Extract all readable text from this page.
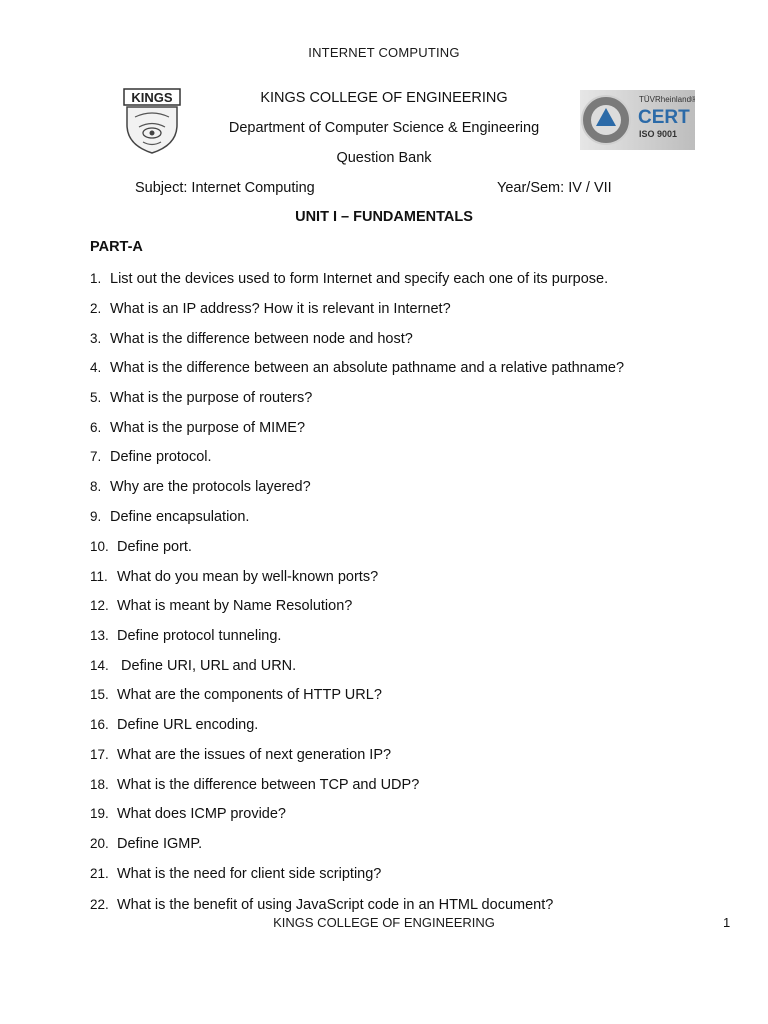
INTERNET COMPUTING
KINGS	TÜVRheinland®
CERT
ISO 9001
KINGS COLLEGE OF ENGINEERING
Department of Computer Science & Engineering
Question Bank
Subject: Internet Computing	Year/Sem: IV / VII
UNIT I – FUNDAMENTALS
PART-A
1. List out the devices used to form Internet and specify each one of its purpose.
2. What is an IP address? How it is relevant in Internet?
3. What is the difference between node and host?
4. What is the difference between an absolute pathname and a relative pathname?
5. What is the purpose of routers?
6. What is the purpose of MIME?
7. Define protocol.
8. Why are the protocols layered?
9. Define encapsulation.
10. Define port.
11. What do you mean by well-known ports?
12. What is meant by Name Resolution?
13. Define protocol tunneling.
14. Define URI, URL and URN.
15. What are the components of HTTP URL?
16. Define URL encoding.
17. What are the issues of next generation IP?
18. What is the difference between TCP and UDP?
19. What does ICMP provide?
20. Define IGMP.
21. What is the need for client side scripting?
22. What is the benefit of using JavaScript code in an HTML document?
KINGS COLLEGE OF ENGINEERING	1
